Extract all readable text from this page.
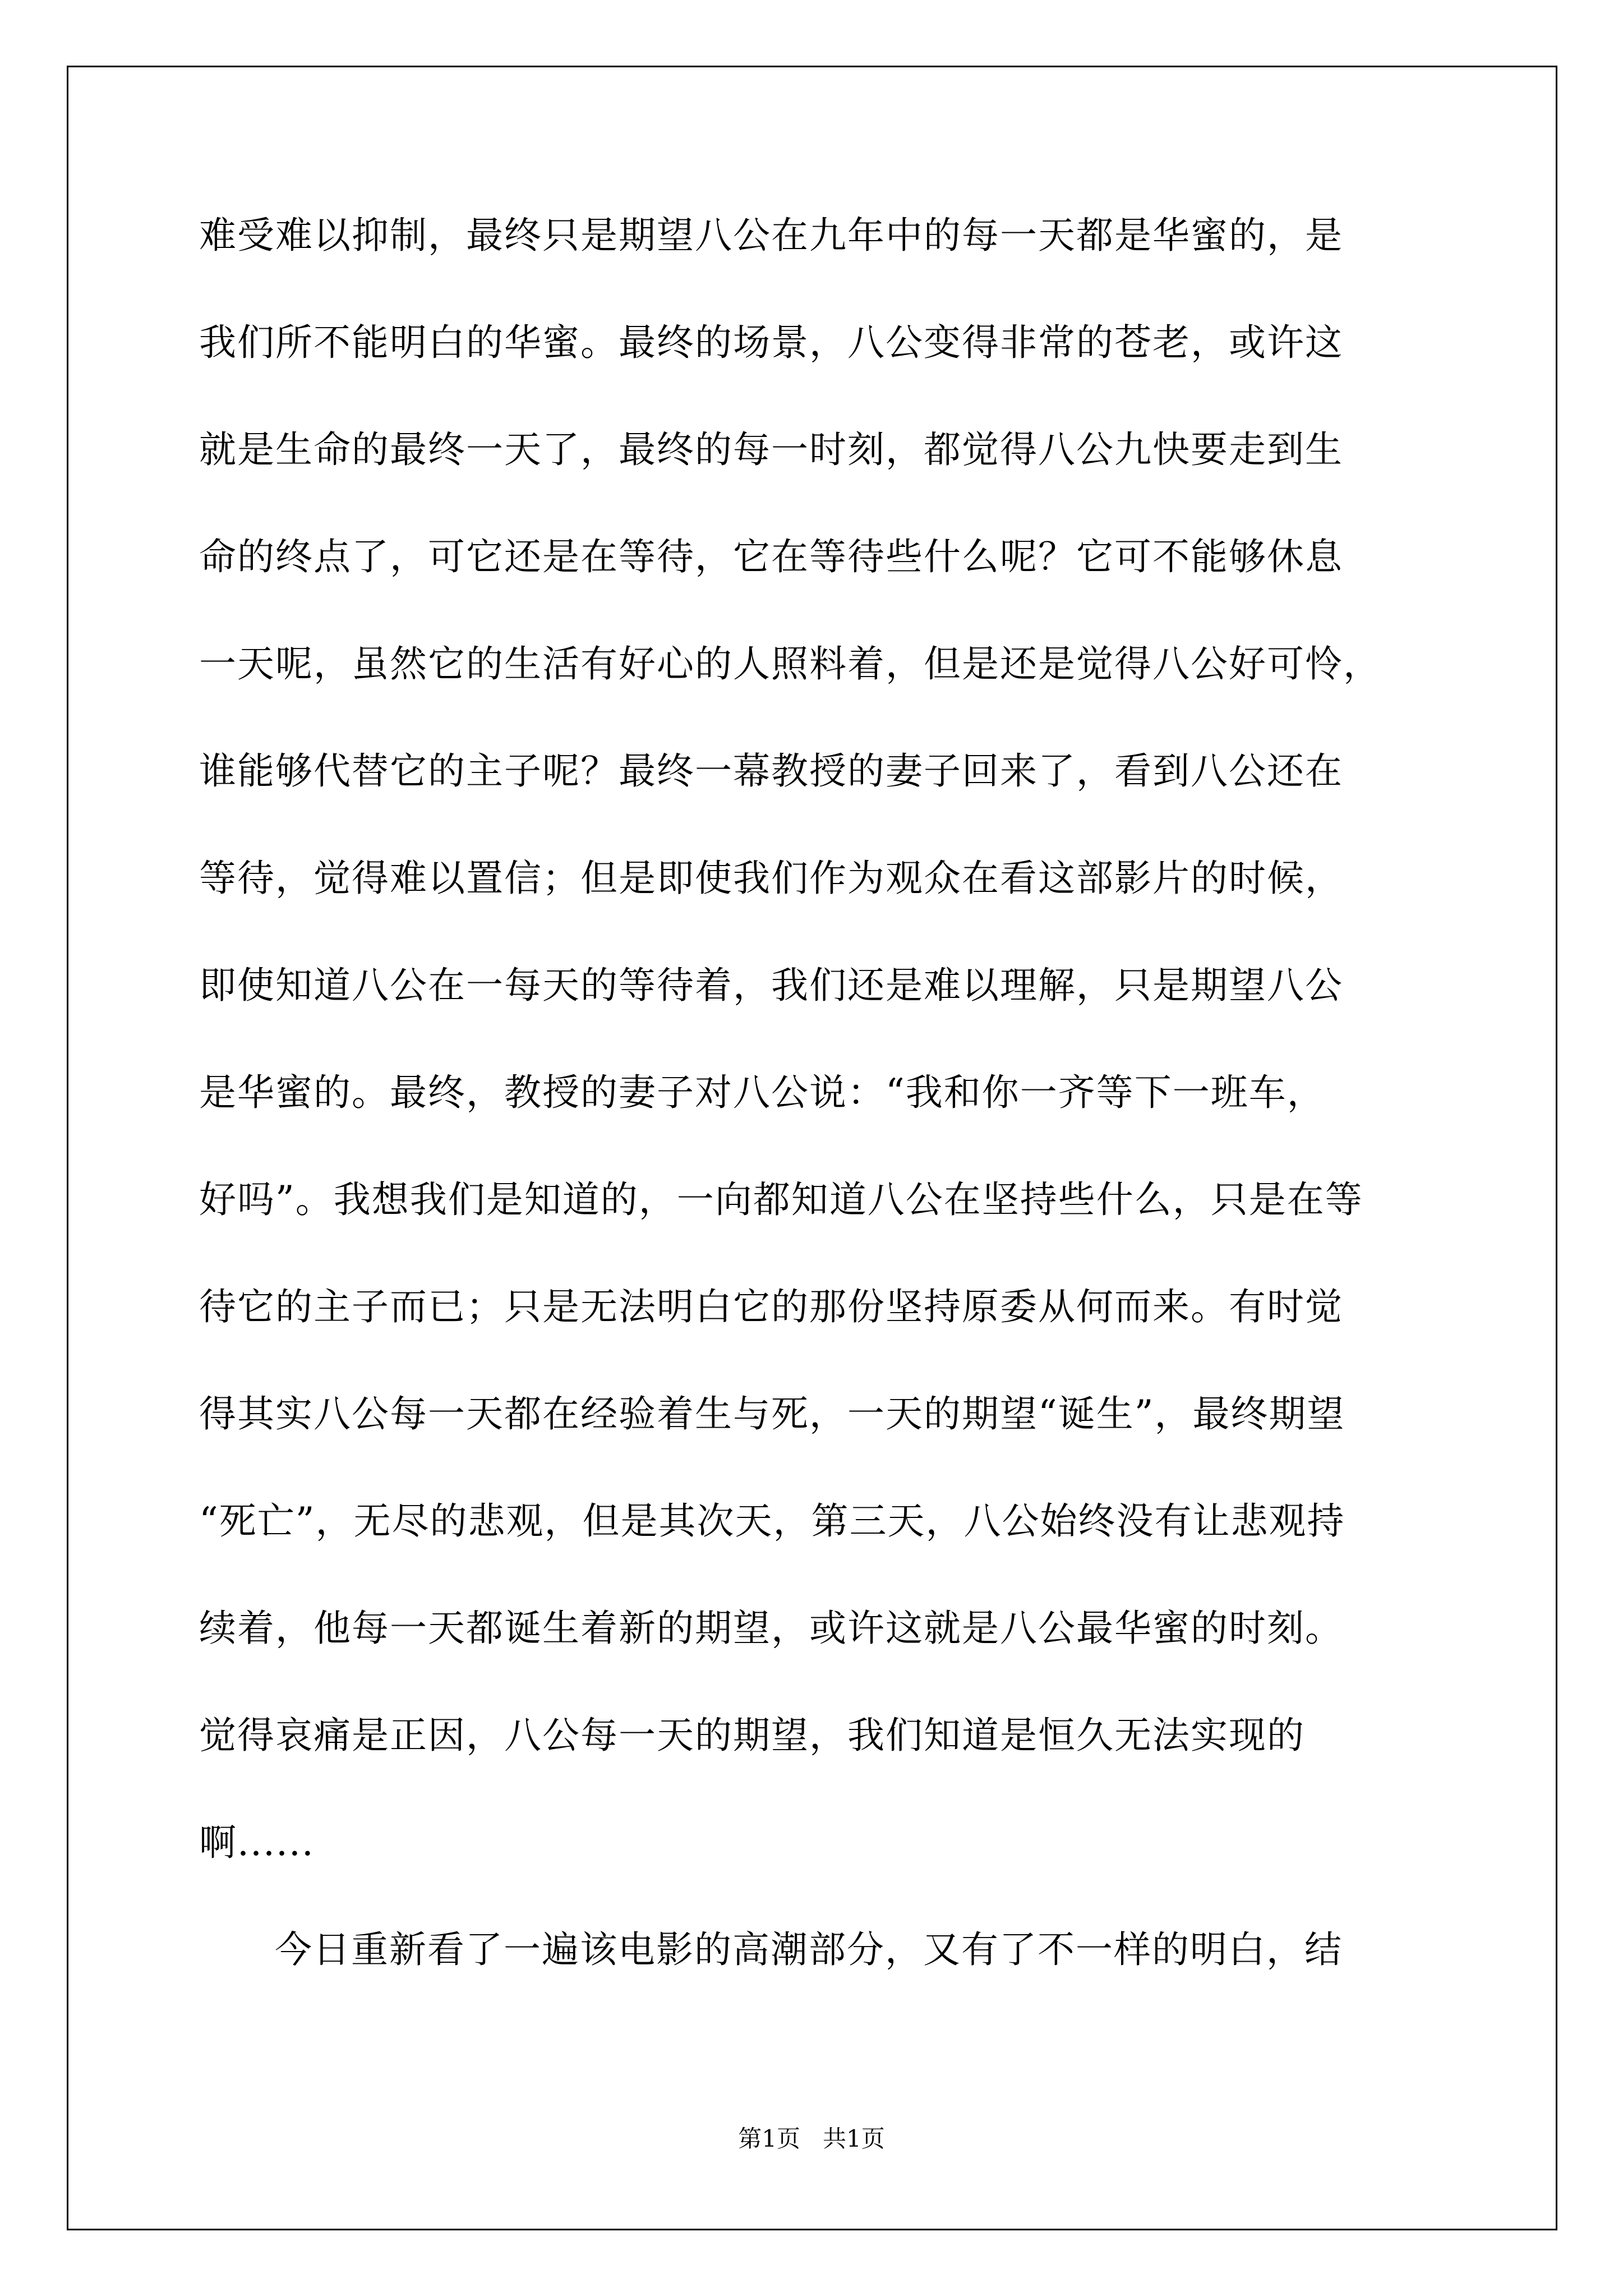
难受难以抑制，最终只是期望八公在九年中的每一天都是华蜜的，是
我们所不能明白的华蜜。最终的场景，八公变得非常的苍老，或许这
就是生命的最终一天了，最终的每一时刻，都觉得八公九快要走到生
命的终点了，可它还是在等待，它在等待些什么呢？它可不能够休息
一天呢，虽然它的生活有好心的人照料着，但是还是觉得八公好可怜，
谁能够代替它的主子呢？最终一幕教授的妻子回来了，看到八公还在
等待，觉得难以置信；但是即使我们作为观众在看这部影片的时候，
即使知道八公在一每天的等待着，我们还是难以理解，只是期望八公
是华蜜的。最终，教授的妻子对八公说：“我和你一齐等下一班车，
好吗”。我想我们是知道的，一向都知道八公在坚持些什么，只是在等
待它的主子而已；只是无法明白它的那份坚持原委从何而来。有时觉
得其实八公每一天都在经验着生与死，一天的期望“诞生”，最终期望
“死亡”，无尽的悲观，但是其次天，第三天，八公始终没有让悲观持
续着，他每一天都诞生着新的期望，或许这就是八公最华蜜的时刻。
觉得哀痛是正因，八公每一天的期望，我们知道是恒久无法实现的
啊......
今日重新看了一遍该电影的高潮部分，又有了不一样的明白，结
第1页 共1页
